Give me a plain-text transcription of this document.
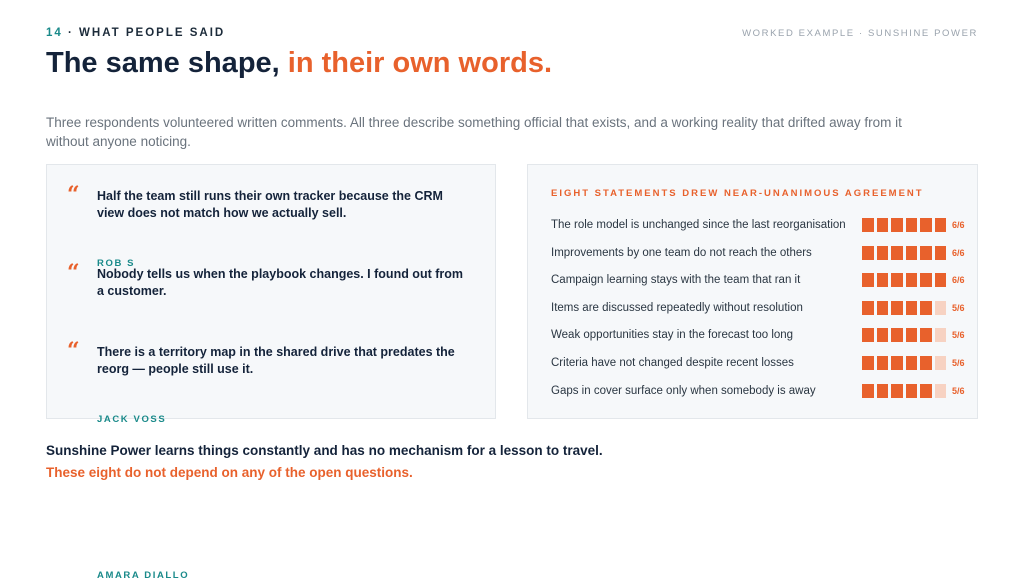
14 · WHAT PEOPLE SAID	WORKED EXAMPLE · SUNSHINE POWER
The same shape, in their own words.

Three respondents volunteered written comments. All three describe something official that exists, and a working reality that drifted away from it without anyone noticing.

“ Half the team still runs their own tracker because the CRM view does not match how we actually sell.

ROB S
“ Nobody tells us when the playbook changes. I found out from a customer.

JACK VOSS
“ There is a territory map in the shared drive that predates the reorg — people still use it.

AMARA DIALLO
EIGHT STATEMENTS DREW NEAR-UNANIMOUS AGREEMENT
The role model is unchanged since the last reorganisation	6/6
Improvements by one team do not reach the others	6/6
Campaign learning stays with the team that ran it	6/6
Items are discussed repeatedly without resolution	5/6
Weak opportunities stay in the forecast too long	5/6
Criteria have not changed despite recent losses	5/6
Gaps in cover surface only when somebody is away	5/6

Sunshine Power learns things constantly and has no mechanism for a lesson to travel.

These eight do not depend on any of the open questions.
